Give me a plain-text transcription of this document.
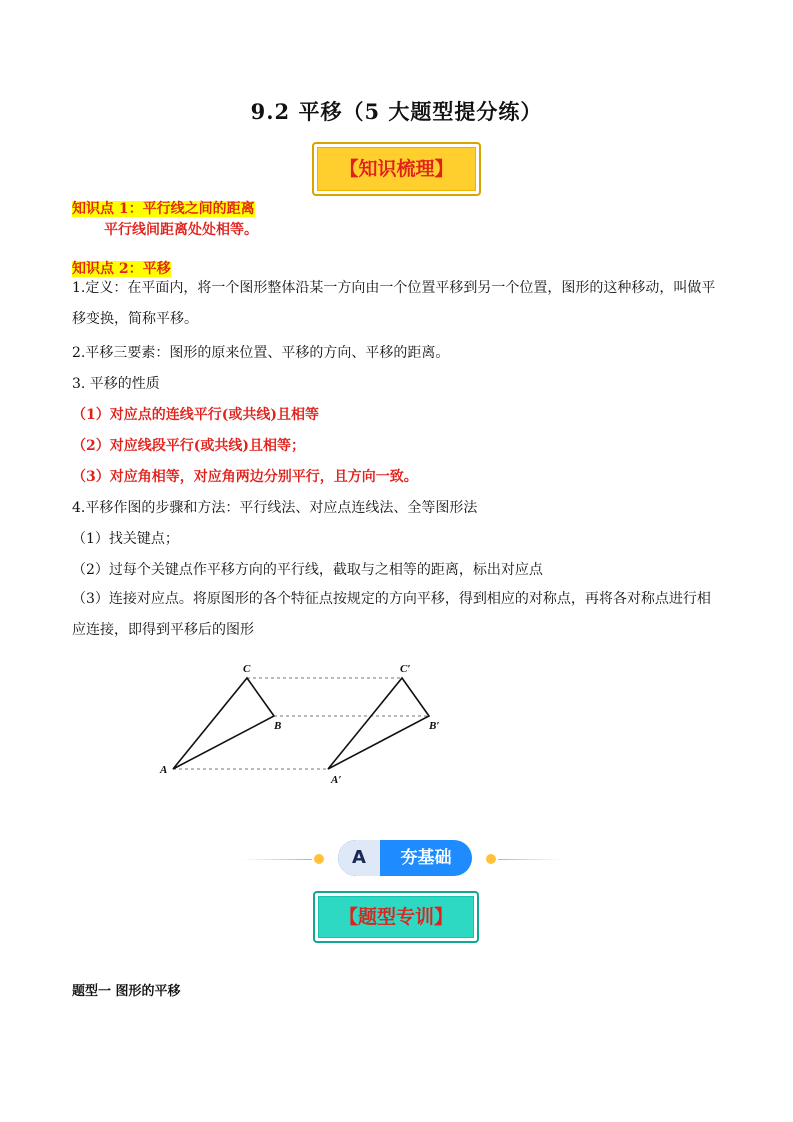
9.2 平移（5 大题型提分练）
【知识梳理】
知识点 1：平行线之间的距离
平行线间距离处处相等。
知识点 2：平移
1.定义：在平面内，将一个图形整体沿某一方向由一个位置平移到另一个位置，图形的这种移动，叫做平移变换，简称平移。
2.平移三要素：图形的原来位置、平移的方向、平移的距离。
3. 平移的性质
（1）对应点的连线平行(或共线)且相等
（2）对应线段平行(或共线)且相等；
（3）对应角相等，对应角两边分别平行，且方向一致。
4.平移作图的步骤和方法：平行线法、对应点连线法、全等图形法
（1）找关键点；
（2）过每个关键点作平移方向的平行线，截取与之相等的距离，标出对应点
（3）连接对应点。将原图形的各个特征点按规定的方向平移，得到相应的对称点，再将各对称点进行相应连接，即得到平移后的图形
C
B
A
C′
B′
A′
A	夯基础
【题型专训】
题型一 图形的平移
